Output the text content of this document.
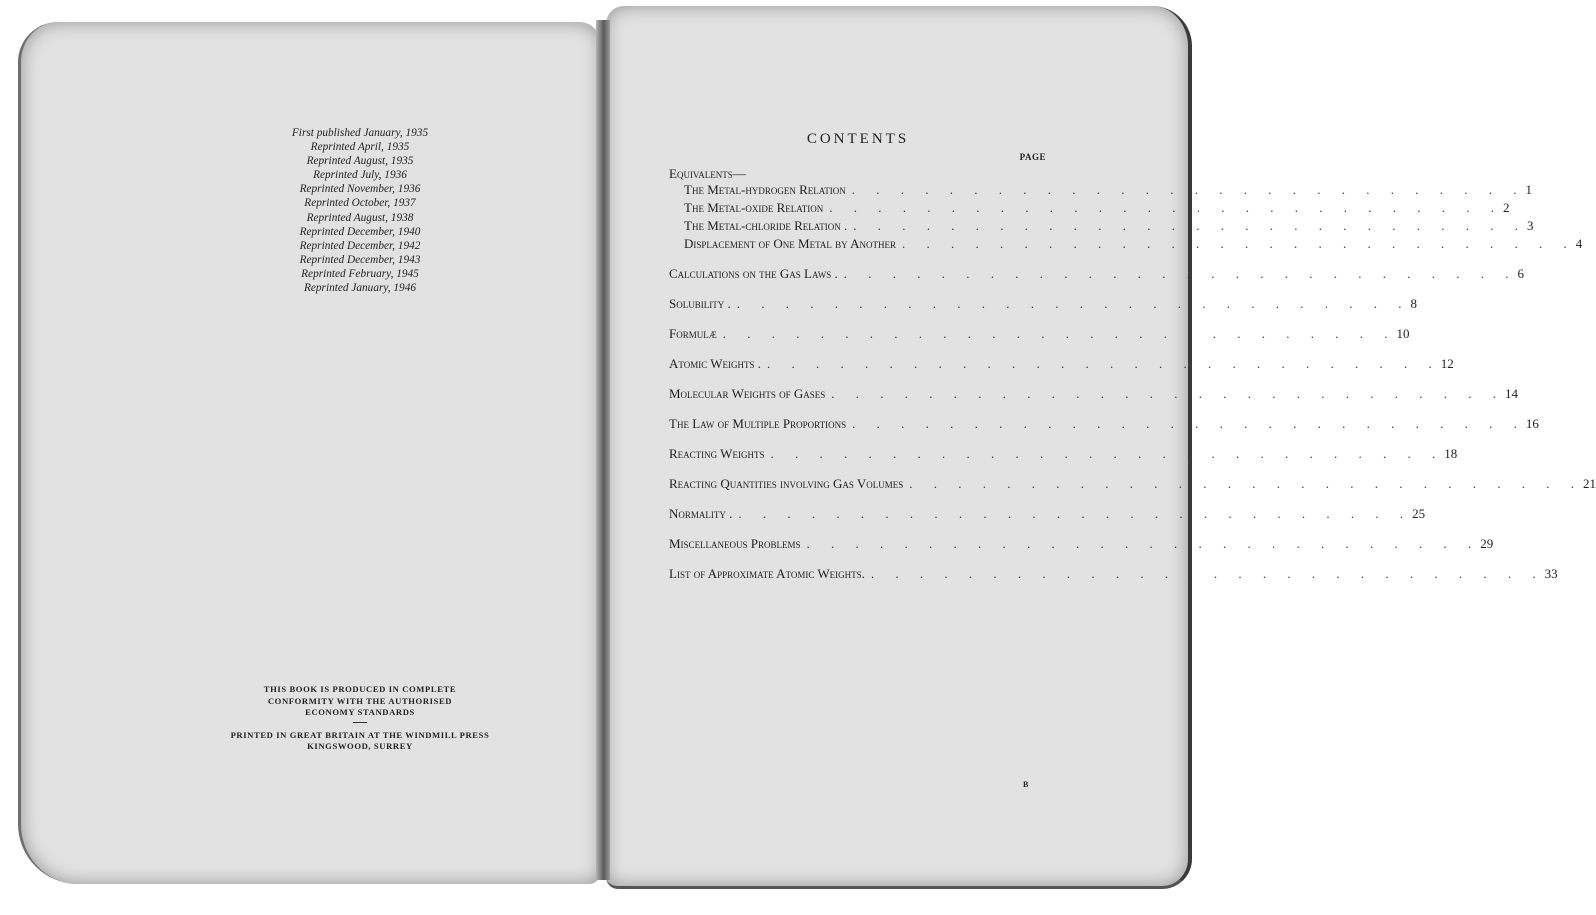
First published January, 1935
Reprinted April, 1935
Reprinted August, 1935
Reprinted July, 1936
Reprinted November, 1936
Reprinted October, 1937
Reprinted August, 1938
Reprinted December, 1940
Reprinted December, 1942
Reprinted December, 1943
Reprinted February, 1945
Reprinted January, 1946
THIS BOOK IS PRODUCED IN COMPLETE
CONFORMITY WITH THE AUTHORISED
ECONOMY STANDARDS
PRINTED IN GREAT BRITAIN AT THE WINDMILL PRESS
KINGSWOOD, SURREY
CONTENTS
PAGE
Equivalents—
The Metal-hydrogen Relation . . . . . . . . . . . . . . . . . . . . . . . . . . . . 1
The Metal-oxide Relation . . . . . . . . . . . . . . . . . . . . . . . . . . . . 2
The Metal-chloride Relation . . . . . . . . . . . . . . . . . . . . . . . . . . . . . 3
Displacement of One Metal by Another . . . . . . . . . . . . . . . . . . . . . . . . . . . . 4
Calculations on the Gas Laws . . . . . . . . . . . . . . . . . . . . . . . . . . . . . 6
Solubility . . . . . . . . . . . . . . . . . . . . . . . . . . . . . 8
Formulæ . . . . . . . . . . . . . . . . . . . . . . . . . . . . 10
Atomic Weights . . . . . . . . . . . . . . . . . . . . . . . . . . . . . 12
Molecular Weights of Gases . . . . . . . . . . . . . . . . . . . . . . . . . . . . 14
The Law of Multiple Proportions . . . . . . . . . . . . . . . . . . . . . . . . . . . . 16
Reacting Weights . . . . . . . . . . . . . . . . . . . . . . . . . . . . 18
Reacting Quantities involving Gas Volumes . . . . . . . . . . . . . . . . . . . . . . . . . . . . 21
Normality . . . . . . . . . . . . . . . . . . . . . . . . . . . . . 25
Miscellaneous Problems . . . . . . . . . . . . . . . . . . . . . . . . . . . . 29
List of Approximate Atomic Weights. . . . . . . . . . . . . . . . . . . . . . . . . . . . . 33
B
